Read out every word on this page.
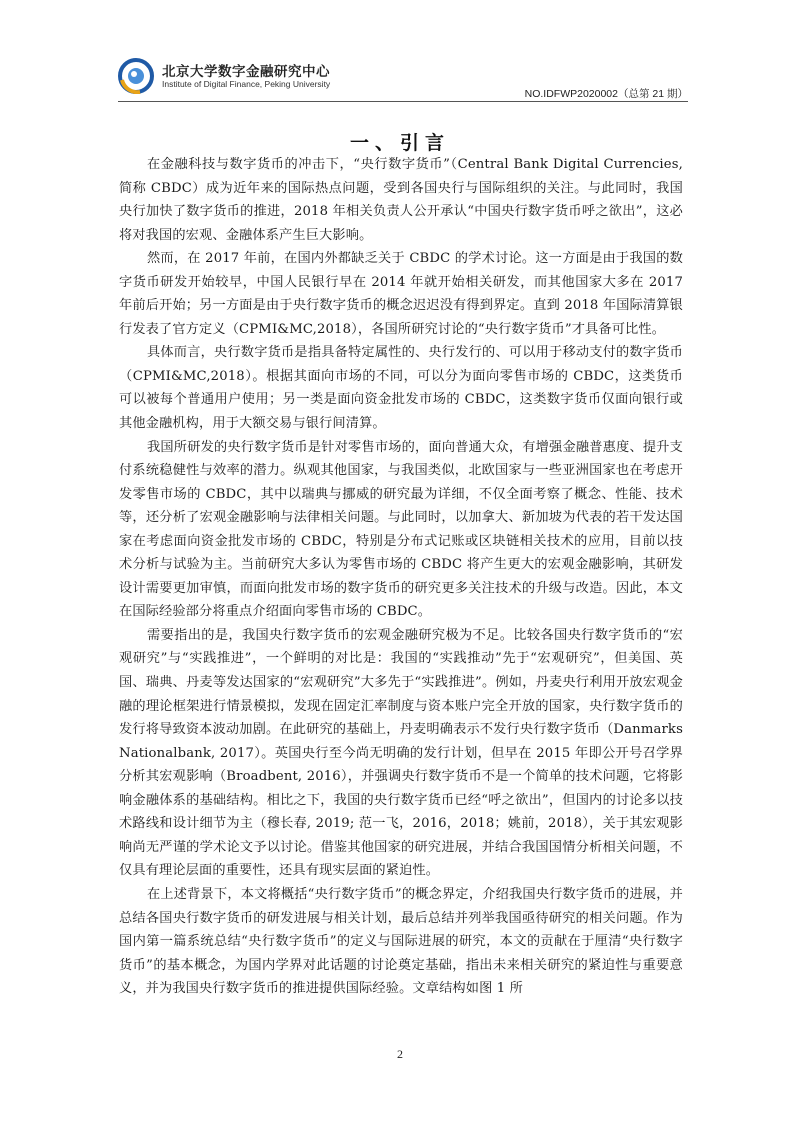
北京大学数字金融研究中心
Institute of Digital Finance, Peking University
NO.IDFWP2020002（总第 21 期）
一、引言

在金融科技与数字货币的冲击下，“央行数字货币”（Central Bank Digital Currencies,简称 CBDC）成为近年来的国际热点问题，受到各国央行与国际组织的关注。与此同时，我国央行加快了数字货币的推进，2018 年相关负责人公开承认“中国央行数字货币呼之欲出”，这必将对我国的宏观、金融体系产生巨大影响。

然而，在 2017 年前，在国内外都缺乏关于 CBDC 的学术讨论。这一方面是由于我国的数字货币研发开始较早，中国人民银行早在 2014 年就开始相关研发，而其他国家大多在 2017 年前后开始；另一方面是由于央行数字货币的概念迟迟没有得到界定。直到 2018 年国际清算银行发表了官方定义（CPMI&MC,2018），各国所研究讨论的“央行数字货币”才具备可比性。

具体而言，央行数字货币是指具备特定属性的、央行发行的、可以用于移动支付的数字货币（CPMI&MC,2018）。根据其面向市场的不同，可以分为面向零售市场的 CBDC，这类货币可以被每个普通用户使用；另一类是面向资金批发市场的 CBDC，这类数字货币仅面向银行或其他金融机构，用于大额交易与银行间清算。

我国所研发的央行数字货币是针对零售市场的，面向普通大众，有增强金融普惠度、提升支付系统稳健性与效率的潜力。纵观其他国家，与我国类似，北欧国家与一些亚洲国家也在考虑开发零售市场的 CBDC，其中以瑞典与挪威的研究最为详细，不仅全面考察了概念、性能、技术等，还分析了宏观金融影响与法律相关问题。与此同时，以加拿大、新加坡为代表的若干发达国家在考虑面向资金批发市场的 CBDC，特别是分布式记账或区块链相关技术的应用，目前以技术分析与试验为主。当前研究大多认为零售市场的 CBDC 将产生更大的宏观金融影响，其研发设计需要更加审慎，而面向批发市场的数字货币的研究更多关注技术的升级与改造。因此，本文在国际经验部分将重点介绍面向零售市场的 CBDC。

需要指出的是，我国央行数字货币的宏观金融研究极为不足。比较各国央行数字货币的“宏观研究”与“实践推进”，一个鲜明的对比是：我国的“实践推动”先于“宏观研究”，但美国、英国、瑞典、丹麦等发达国家的“宏观研究”大多先于“实践推进”。例如，丹麦央行利用开放宏观金融的理论框架进行情景模拟，发现在固定汇率制度与资本账户完全开放的国家，央行数字货币的发行将导致资本波动加剧。在此研究的基础上，丹麦明确表示不发行央行数字货币（Danmarks Nationalbank, 2017）。英国央行至今尚无明确的发行计划，但早在 2015 年即公开号召学界分析其宏观影响（Broadbent, 2016），并强调央行数字货币不是一个简单的技术问题，它将影响金融体系的基础结构。相比之下，我国的央行数字货币已经“呼之欲出”，但国内的讨论多以技术路线和设计细节为主（穆长春, 2019; 范一飞，2016，2018；姚前，2018），关于其宏观影响尚无严谨的学术论文予以讨论。借鉴其他国家的研究进展，并结合我国国情分析相关问题，不仅具有理论层面的重要性，还具有现实层面的紧迫性。

在上述背景下，本文将概括“央行数字货币”的概念界定，介绍我国央行数字货币的进展，并总结各国央行数字货币的研发进展与相关计划，最后总结并列举我国亟待研究的相关问题。作为国内第一篇系统总结“央行数字货币”的定义与国际进展的研究，本文的贡献在于厘清“央行数字货币”的基本概念，为国内学界对此话题的讨论奠定基础，指出未来相关研究的紧迫性与重要意义，并为我国央行数字货币的推进提供国际经验。文章结构如图 1 所

2
